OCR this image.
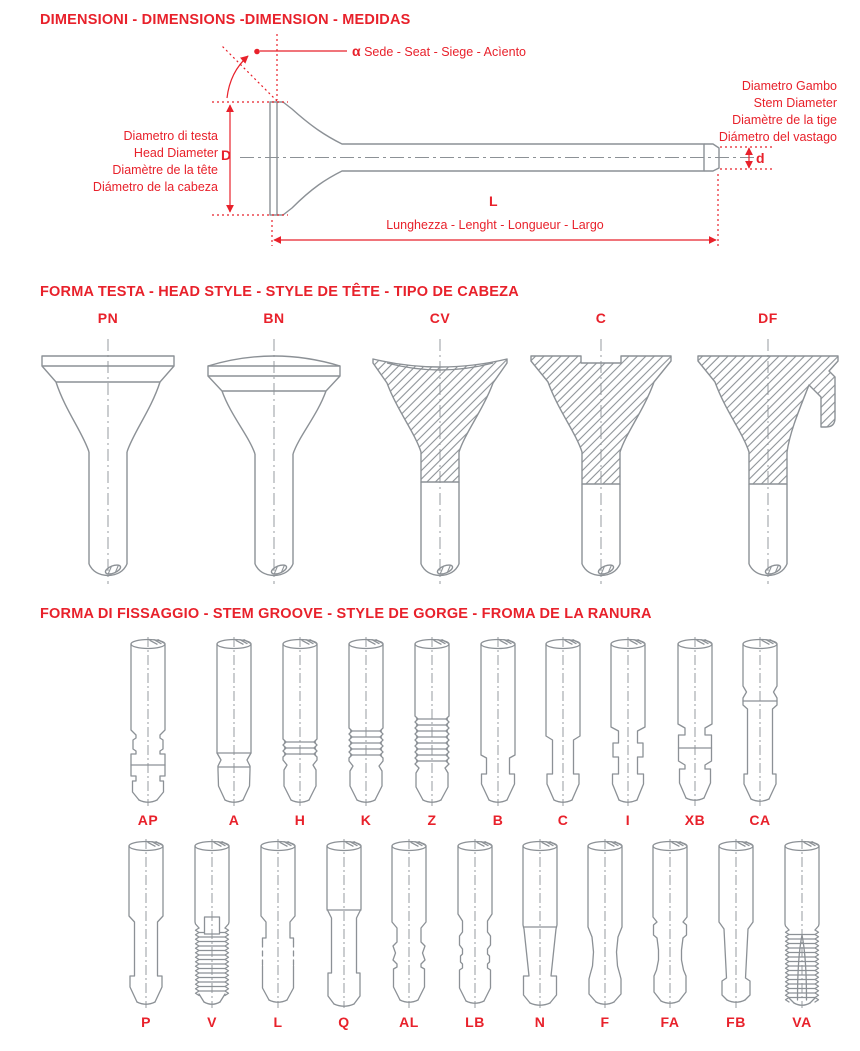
DIMENSIONI - DIMENSIONS -DIMENSION - MEDIDAS
α Sede - Seat - Siege - Acìento
Diametro Gambo
Stem Diameter
Diamètre de la tige
Diámetro del vastago
Diametro di testa
Head Diameter
Diamètre de la tête
Diámetro de la cabeza
D	d
L
Lunghezza - Lenght - Longueur - Largo
FORMA TESTA - HEAD STYLE - STYLE DE TÊTE - TIPO DE CABEZA
PN	BN	CV	C	DF
FORMA DI FISSAGGIO - STEM GROOVE - STYLE DE GORGE - FROMA DE LA RANURA
AP	A	H	K	Z	B	C	I	XB	CA
P	V	L	Q	AL	LB	N	F	FA	FB	VA
